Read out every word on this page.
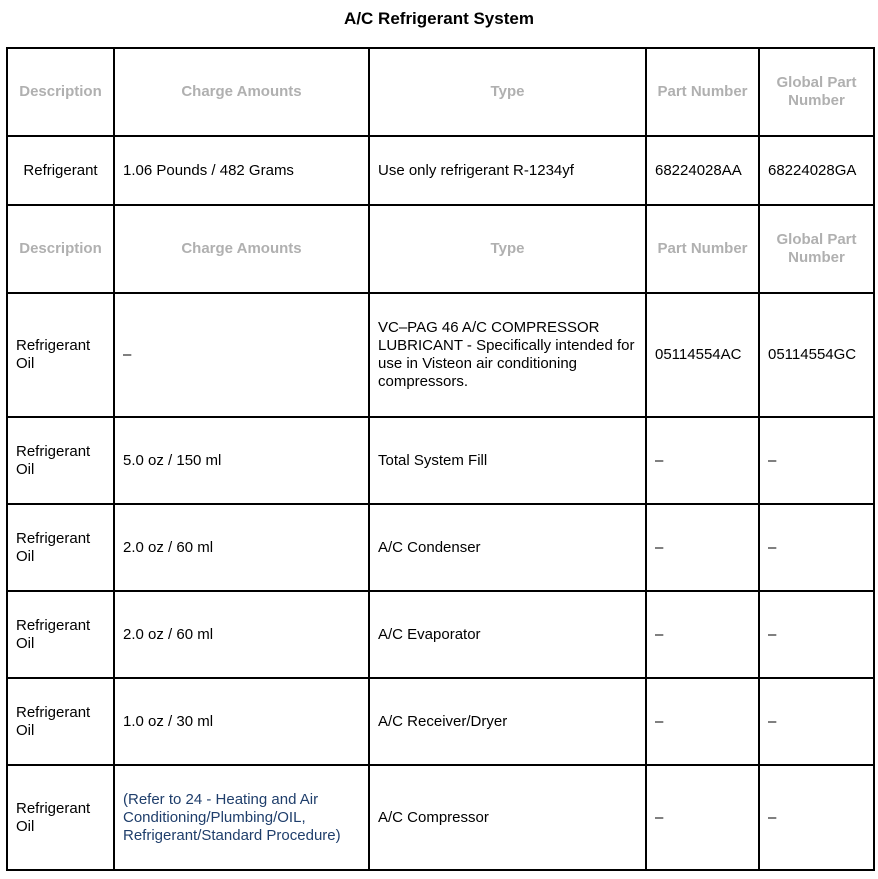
A/C Refrigerant System
Description	Charge Amounts	Type	Part Number	Global Part Number
Refrigerant	1.06 Pounds / 482 Grams	Use only refrigerant R-1234yf	68224028AA	68224028GA
Description	Charge Amounts	Type	Part Number	Global Part Number
Refrigerant Oil	–	VC–PAG 46 A/C COMPRESSOR LUBRICANT - Specifically intended for use in Visteon air conditioning compressors.	05114554AC	05114554GC
Refrigerant Oil	5.0 oz / 150 ml	Total System Fill	–	–
Refrigerant Oil	2.0 oz / 60 ml	A/C Condenser	–	–
Refrigerant Oil	2.0 oz / 60 ml	A/C Evaporator	–	–
Refrigerant Oil	1.0 oz / 30 ml	A/C Receiver/Dryer	–	–
Refrigerant Oil	(Refer to 24 - Heating and Air Conditioning/Plumbing/OIL, Refrigerant/Standard Procedure)	A/C Compressor	–	–
